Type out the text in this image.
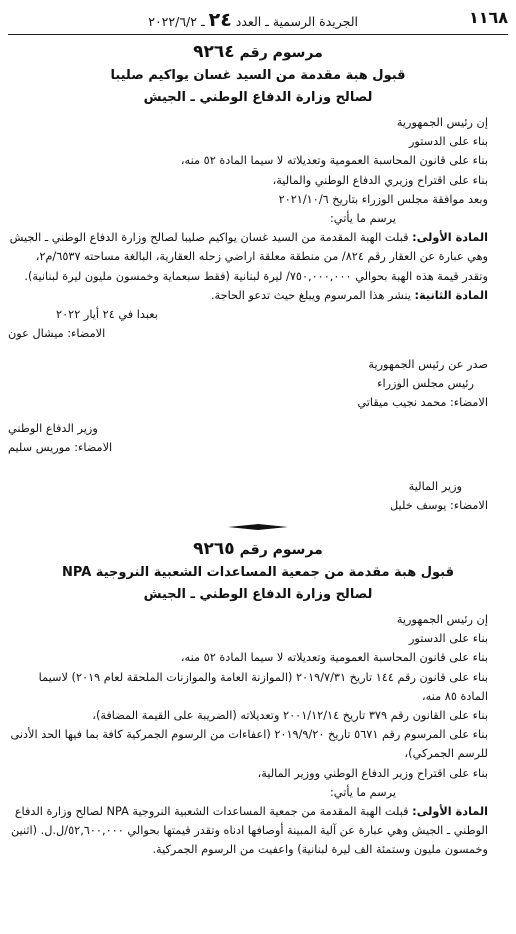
١١٦٨
الجريدة الرسمية ـ العدد ٢٤ ـ ٢٠٢٢/٦/٢
مرسوم رقم ٩٢٦٤
قبول هبة مقدمة من السيد غسان يواكيم صليبا
لصالح وزارة الدفاع الوطني ـ الجيش

إن رئيس الجمهورية

بناء على الدستور

بناء على قانون المحاسبة العمومية وتعديلاته لا سيما المادة ٥٢ منه،

بناء على اقتراح وزيري الدفاع الوطني والمالية،

وبعد موافقة مجلس الوزراء بتاريخ ٢٠٢١/١٠/٦

يرسم ما يأتي:

المادة الأولى: قبلت الهبة المقدمة من السيد غسان يواكيم صليبا لصالح وزارة الدفاع الوطني ـ الجيش وهي عبارة عن العقار رقم ٨٢٤/ من منطقة معلقة اراضي زحله العقارية، البالغة مساحته ٦٥٣٧/م٢، وتقدر قيمة هذه الهبة بحوالي ٧٥٠,٠٠٠,٠٠٠/ ليرة لبنانية (فقط سبعماية وخمسون مليون ليرة لبنانية).

المادة الثانية: ينشر هذا المرسوم ويبلغ حيث تدعو الحاجة.

بعبدا في ٢٤ أيار ٢٠٢٢

الامضاء: ميشال عون

صدر عن رئيس الجمهورية

رئيس مجلس الوزراء

الامضاء: محمد نجيب ميقاتي

وزير الدفاع الوطني

الامضاء: موريس سليم

وزير المالية

الامضاء: يوسف خليل

مرسوم رقم ٩٢٦٥
قبول هبة مقدمة من جمعية المساعدات الشعبية النروجية NPA
لصالح وزارة الدفاع الوطني ـ الجيش

إن رئيس الجمهورية

بناء على الدستور

بناء على قانون المحاسبة العمومية وتعديلاته لا سيما المادة ٥٢ منه،

بناء على قانون رقم ١٤٤ تاريخ ٢٠١٩/٧/٣١ (الموازنة العامة والموازنات الملحقة لعام ٢٠١٩) لاسيما المادة ٨٥ منه،

بناء على القانون رقم ٣٧٩ تاريخ ٢٠٠١/١٢/١٤ وتعديلاته (الضريبة على القيمة المضافة)،

بناء على المرسوم رقم ٥٦٧١ تاريخ ٢٠١٩/٩/٢٠ (اعفاءات من الرسوم الجمركية كافة بما فيها الحد الأدنى للرسم الجمركي)،

بناء على اقتراح وزير الدفاع الوطني ووزير المالية،

يرسم ما يأتي:

المادة الأولى: قبلت الهبة المقدمة من جمعية المساعدات الشعبية النروجية NPA لصالح وزارة الدفاع الوطني ـ الجيش وهي عبارة عن آلية المبينة أوصافها ادناه وتقدر قيمتها بحوالي ٥٢,٦٠٠,٠٠٠/ل.ل. (اثنين وخمسون مليون وستمئة الف ليرة لبنانية) واعفيت من الرسوم الجمركية.
